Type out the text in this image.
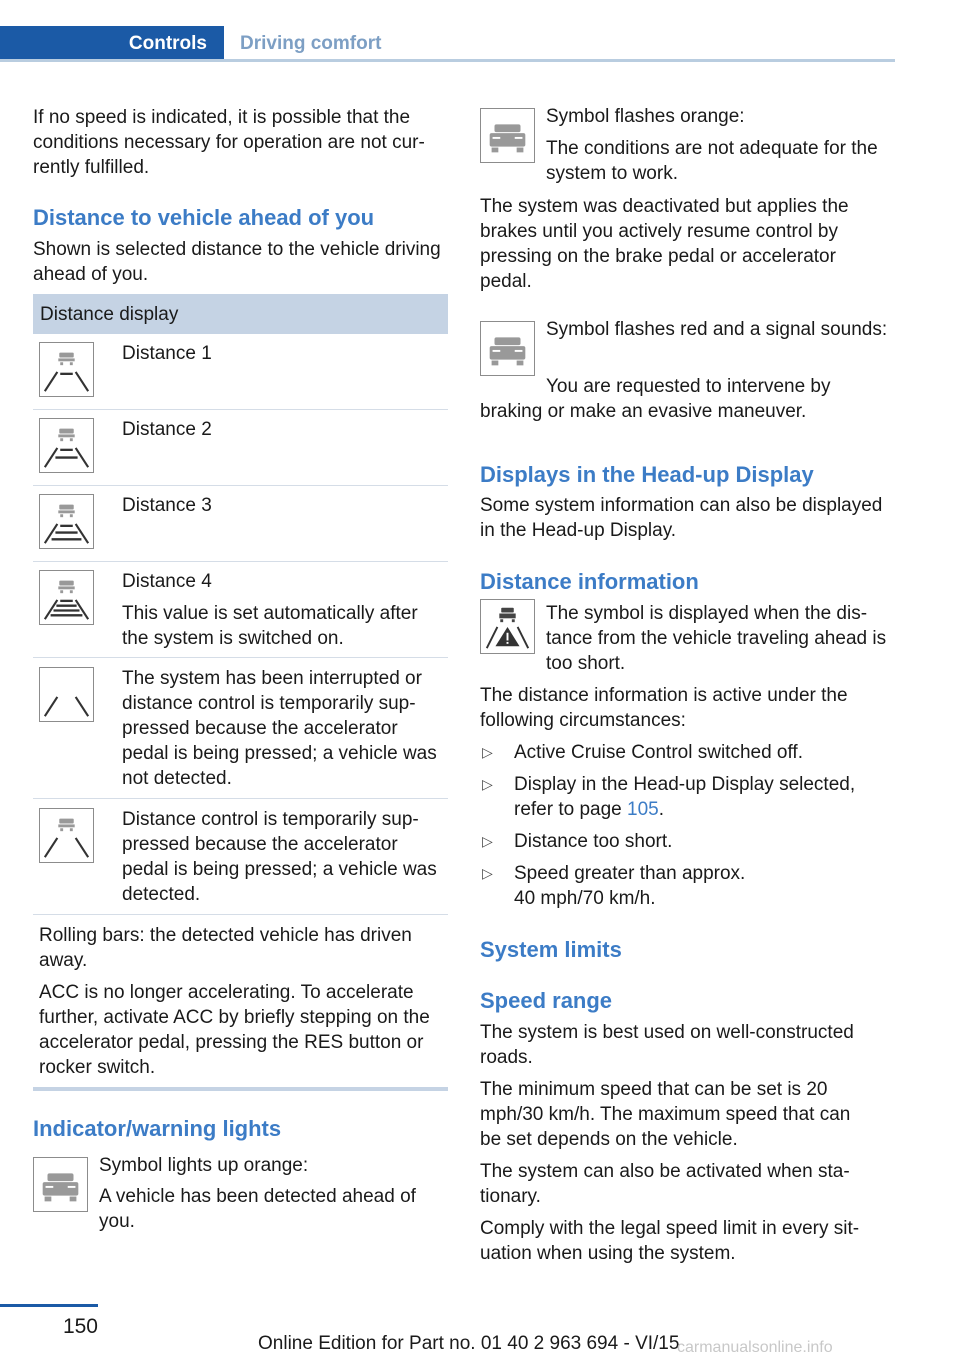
Controls	Driving comfort

If no speed is indicated, it is possible that the conditions necessary for operation are not currently fulfilled.

Distance to vehicle ahead of you

Shown is selected distance to the vehicle driving ahead of you.

Distance display

Distance 1

Distance 2

Distance 3

Distance 4

This value is set automatically after the system is switched on.

The system has been interrupted or distance control is temporarily suppressed because the accelerator pedal is being pressed; a vehicle was not detected.

Distance control is temporarily suppressed because the accelerator pedal is being pressed; a vehicle was detected.

Rolling bars: the detected vehicle has driven away.

ACC is no longer accelerating. To accelerate further, activate ACC by briefly stepping on the accelerator pedal, pressing the RES button or rocker switch.

Indicator/warning lights

Symbol lights up orange:

A vehicle has been detected ahead of you.

Symbol flashes orange:

The conditions are not adequate for the system to work.

The system was deactivated but applies the brakes until you actively resume control by pressing on the brake pedal or accelerator pedal.

Symbol flashes red and a signal sounds:

You are requested to intervene by

braking or make an evasive maneuver.

Displays in the Head-up Display

Some system information can also be displayed in the Head-up Display.

Distance information

The symbol is displayed when the distance from the vehicle traveling ahead is too short.

The distance information is active under the following circumstances:

▷ Active Cruise Control switched off.
▷ Display in the Head-up Display selected, refer to page 105.
▷ Distance too short.
▷ Speed greater than approx.
40 mph/70 km/h.

System limits

Speed range

The system is best used on well-constructed roads.

The minimum speed that can be set is 20 mph/30 km/h. The maximum speed that can be set depends on the vehicle.

The system can also be activated when stationary.

Comply with the legal speed limit in every situation when using the system.

150
Online Edition for Part no. 01 40 2 963 694 - VI/15
carmanualsonline.info
